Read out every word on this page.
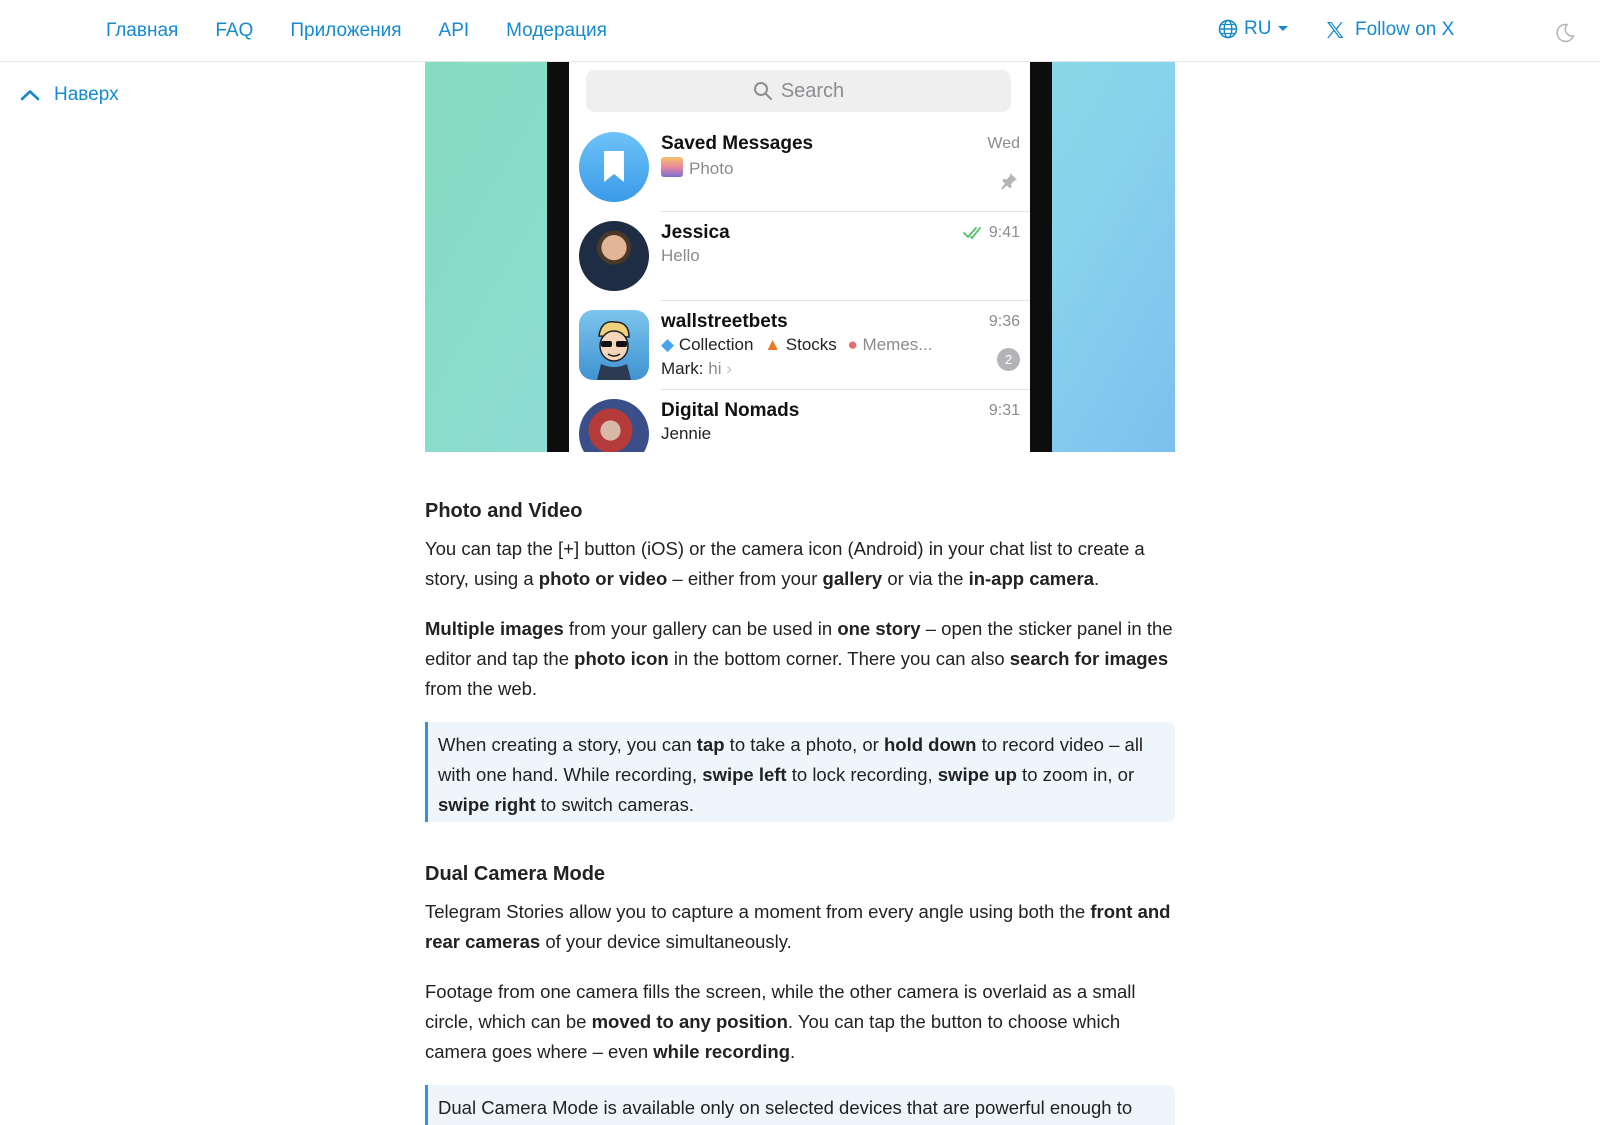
Главная FAQ Приложения API Модерация	RU	Follow on X
Наверх	Search
Saved Messages
Photo
Wed
Jessica
Hello
9:41
wallstreetbets
◆ Collection ▲ Stocks ● Memes...
Mark: hi ›
9:36
2
Digital Nomads
Jennie
9:31
Photo and Video
You can tap the [+] button (iOS) or the camera icon (Android) in your chat list to create a story, using a photo or video – either from your gallery or via the in-app camera.
Multiple images from your gallery can be used in one story – open the sticker panel in the editor and tap the photo icon in the bottom corner. There you can also search for images from the web.
When creating a story, you can tap to take a photo, or hold down to record video – all with one hand. While recording, swipe left to lock recording, swipe up to zoom in, or swipe right to switch cameras.
Dual Camera Mode
Telegram Stories allow you to capture a moment from every angle using both the front and rear cameras of your device simultaneously.
Footage from one camera fills the screen, while the other camera is overlaid as a small circle, which can be moved to any position. You can tap the button to choose which camera goes where – even while recording.
Dual Camera Mode is available only on selected devices that are powerful enough to
